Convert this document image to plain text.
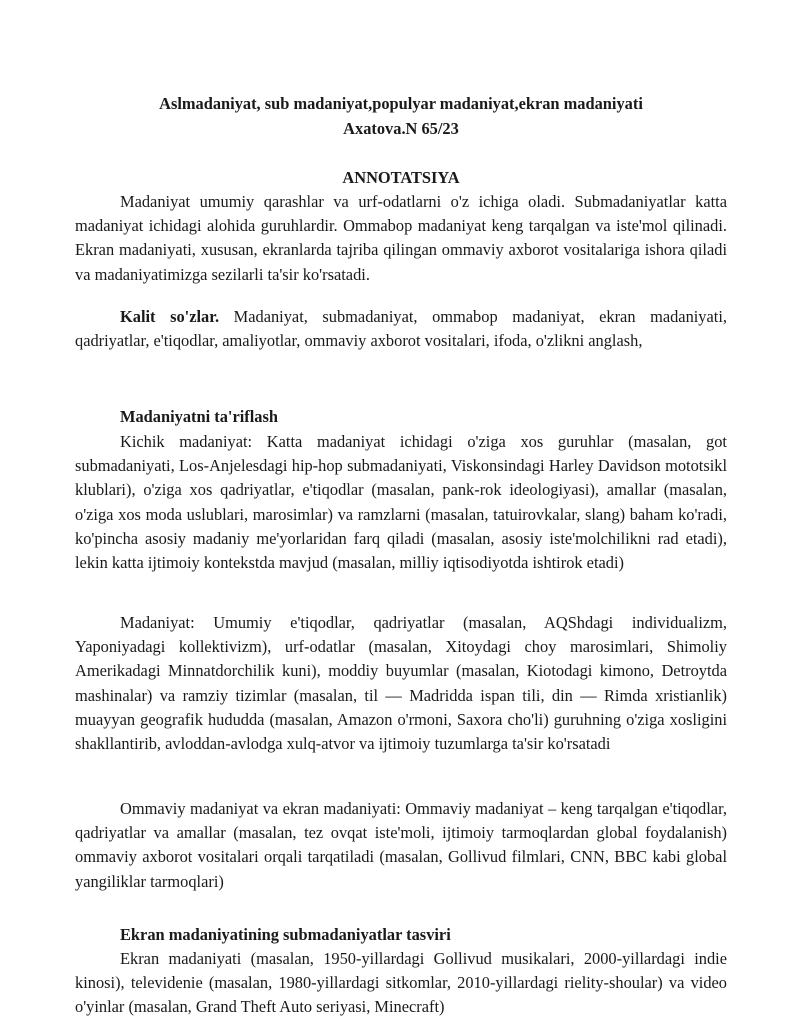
Aslmadaniyat, sub madaniyat,populyar madaniyat,ekran madaniyati
Axatova.N 65/23
ANNOTATSIYA

Madaniyat umumiy qarashlar va urf-odatlarni o'z ichiga oladi. Submadaniyatlar katta madaniyat ichidagi alohida guruhlardir. Ommabop madaniyat keng tarqalgan va iste'mol qilinadi. Ekran madaniyati, xususan, ekranlarda tajriba qilingan ommaviy axborot vositalariga ishora qiladi va madaniyatimizga sezilarli ta'sir ko'rsatadi.

Kalit so'zlar. Madaniyat, submadaniyat, ommabop madaniyat, ekran madaniyati, qadriyatlar, e'tiqodlar, amaliyotlar, ommaviy axborot vositalari, ifoda, o'zlikni anglash,

Madaniyatni ta'riflash

Kichik madaniyat: Katta madaniyat ichidagi o'ziga xos guruhlar (masalan, got submadaniyati, Los-Anjelesdagi hip-hop submadaniyati, Viskonsindagi Harley Davidson mototsikl klublari), o'ziga xos qadriyatlar, e'tiqodlar (masalan, pank-rok ideologiyasi), amallar (masalan, o'ziga xos moda uslublari, marosimlar) va ramzlarni (masalan, tatuirovkalar, slang) baham ko'radi, ko'pincha asosiy madaniy me'yorlaridan farq qiladi (masalan, asosiy iste'molchilikni rad etadi), lekin katta ijtimoiy kontekstda mavjud (masalan, milliy iqtisodiyotda ishtirok etadi)

Madaniyat: Umumiy e'tiqodlar, qadriyatlar (masalan, AQShdagi individualizm, Yaponiyadagi kollektivizm), urf-odatlar (masalan, Xitoydagi choy marosimlari, Shimoliy Amerikadagi Minnatdorchilik kuni), moddiy buyumlar (masalan, Kiotodagi kimono, Detroytda mashinalar) va ramziy tizimlar (masalan, til — Madridda ispan tili, din — Rimda xristianlik) muayyan geografik hududda (masalan, Amazon o'rmoni, Saxora cho'li) guruhning o'ziga xosligini shakllantirib, avloddan-avlodga xulq-atvor va ijtimoiy tuzumlarga ta'sir ko'rsatadi

Ommaviy madaniyat va ekran madaniyati: Ommaviy madaniyat – keng tarqalgan e'tiqodlar, qadriyatlar va amallar (masalan, tez ovqat iste'moli, ijtimoiy tarmoqlardan global foydalanish) ommaviy axborot vositalari orqali tarqatiladi (masalan, Gollivud filmlari, CNN, BBC kabi global yangiliklar tarmoqlari)

Ekran madaniyatining submadaniyatlar tasviri

Ekran madaniyati (masalan, 1950-yillardagi Gollivud musikalari, 2000-yillardagi indie kinosi), televidenie (masalan, 1980-yillardagi sitkomlar, 2010-yillardagi rielity-shoular) va video o'yinlar (masalan, Grand Theft Auto seriyasi, Minecraft)
